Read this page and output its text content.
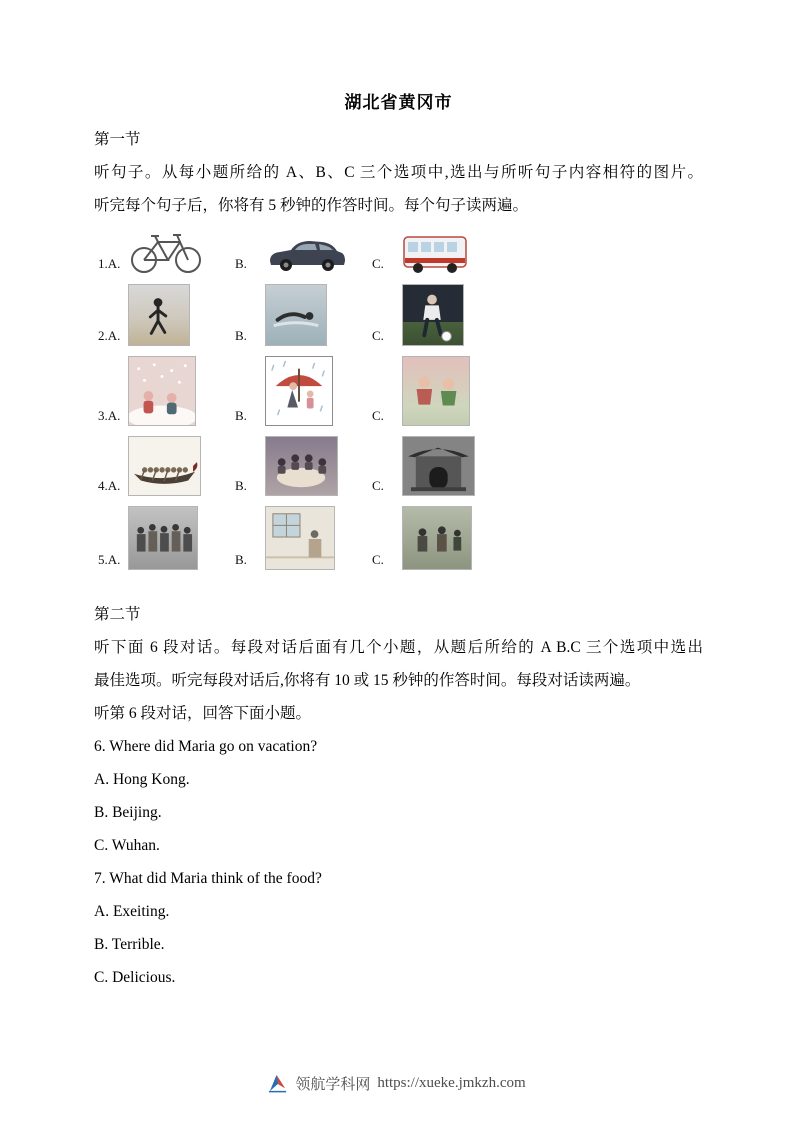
湖北省黄冈市
第一节
听句子。从每小题所给的 A、B、C 三个选项中,选出与所听句子内容相符的图片。
听完每个句子后，你将有 5 秒钟的作答时间。每个句子读两遍。
1.A.	B.	C.
2.A.	B.	C.
3.A.	B.	C.
4.A.	B.	C.
5.A.	B.	C.
第二节
听下面 6 段对话。每段对话后面有几个小题，从题后所给的 A B.C 三个选项中选出
最佳选项。听完每段对话后,你将有 10 或 15 秒钟的作答时间。每段对话读两遍。
听第 6 段对话，回答下面小题。
6. Where did Maria go on vacation?
A. Hong Kong.
B. Beijing.
C. Wuhan.
7. What did Maria think of the food?
A. Exeiting.
B. Terrible.
C. Delicious.
领航学科网 https://xueke.jmkzh.com
